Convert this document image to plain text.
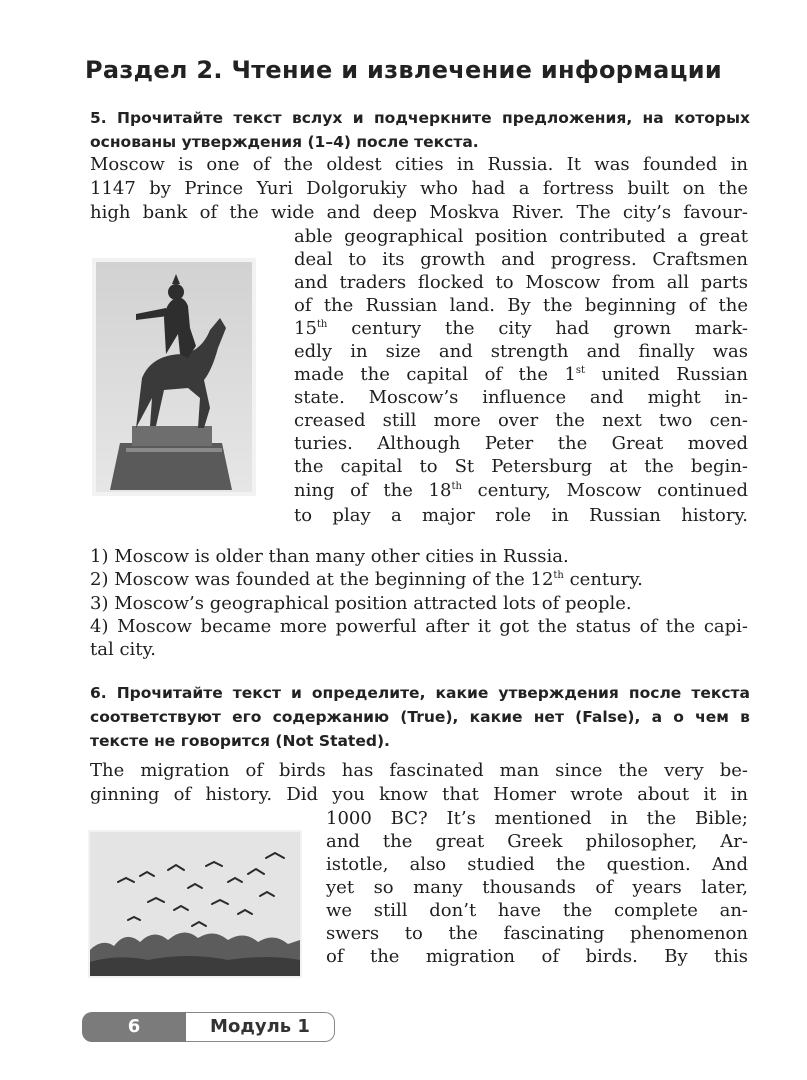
Раздел 2. Чтение и извлечение информации
5. Прочитайте текст вслух и подчеркните предложения, на которых
основаны утверждения (1–4) после текста.
Moscow is one of the oldest cities in Russia. It was founded in
1147 by Prince Yuri Dolgorukiy who had a fortress built on the
high bank of the wide and deep Moskva River. The city’s favour-
able geographical position contributed a great
deal to its growth and progress. Craftsmen
and traders flocked to Moscow from all parts
of the Russian land. By the beginning of the
15th century the city had grown mark-
edly in size and strength and finally was
made the capital of the 1st united Russian
state. Moscow’s influence and might in-
creased still more over the next two cen-
turies. Although Peter the Great moved
the capital to St Petersburg at the begin-
ning of the 18th century, Moscow continued
to play a major role in Russian history.
1) Moscow is older than many other cities in Russia.
2) Moscow was founded at the beginning of the 12th century.
3) Moscow’s geographical position attracted lots of people.
4) Moscow became more powerful after it got the status of the capi-
tal city.
6. Прочитайте текст и определите, какие утверждения после текста
соответствуют его содержанию (True), какие нет (False), а о чем в
тексте не говорится (Not Stated).
The migration of birds has fascinated man since the very be-
ginning of history. Did you know that Homer wrote about it in
1000 BC? It’s mentioned in the Bible;
and the great Greek philosopher, Ar-
istotle, also studied the question. And
yet so many thousands of years later,
we still don’t have the complete an-
swers to the fascinating phenomenon
of the migration of birds. By this
6	Модуль 1
